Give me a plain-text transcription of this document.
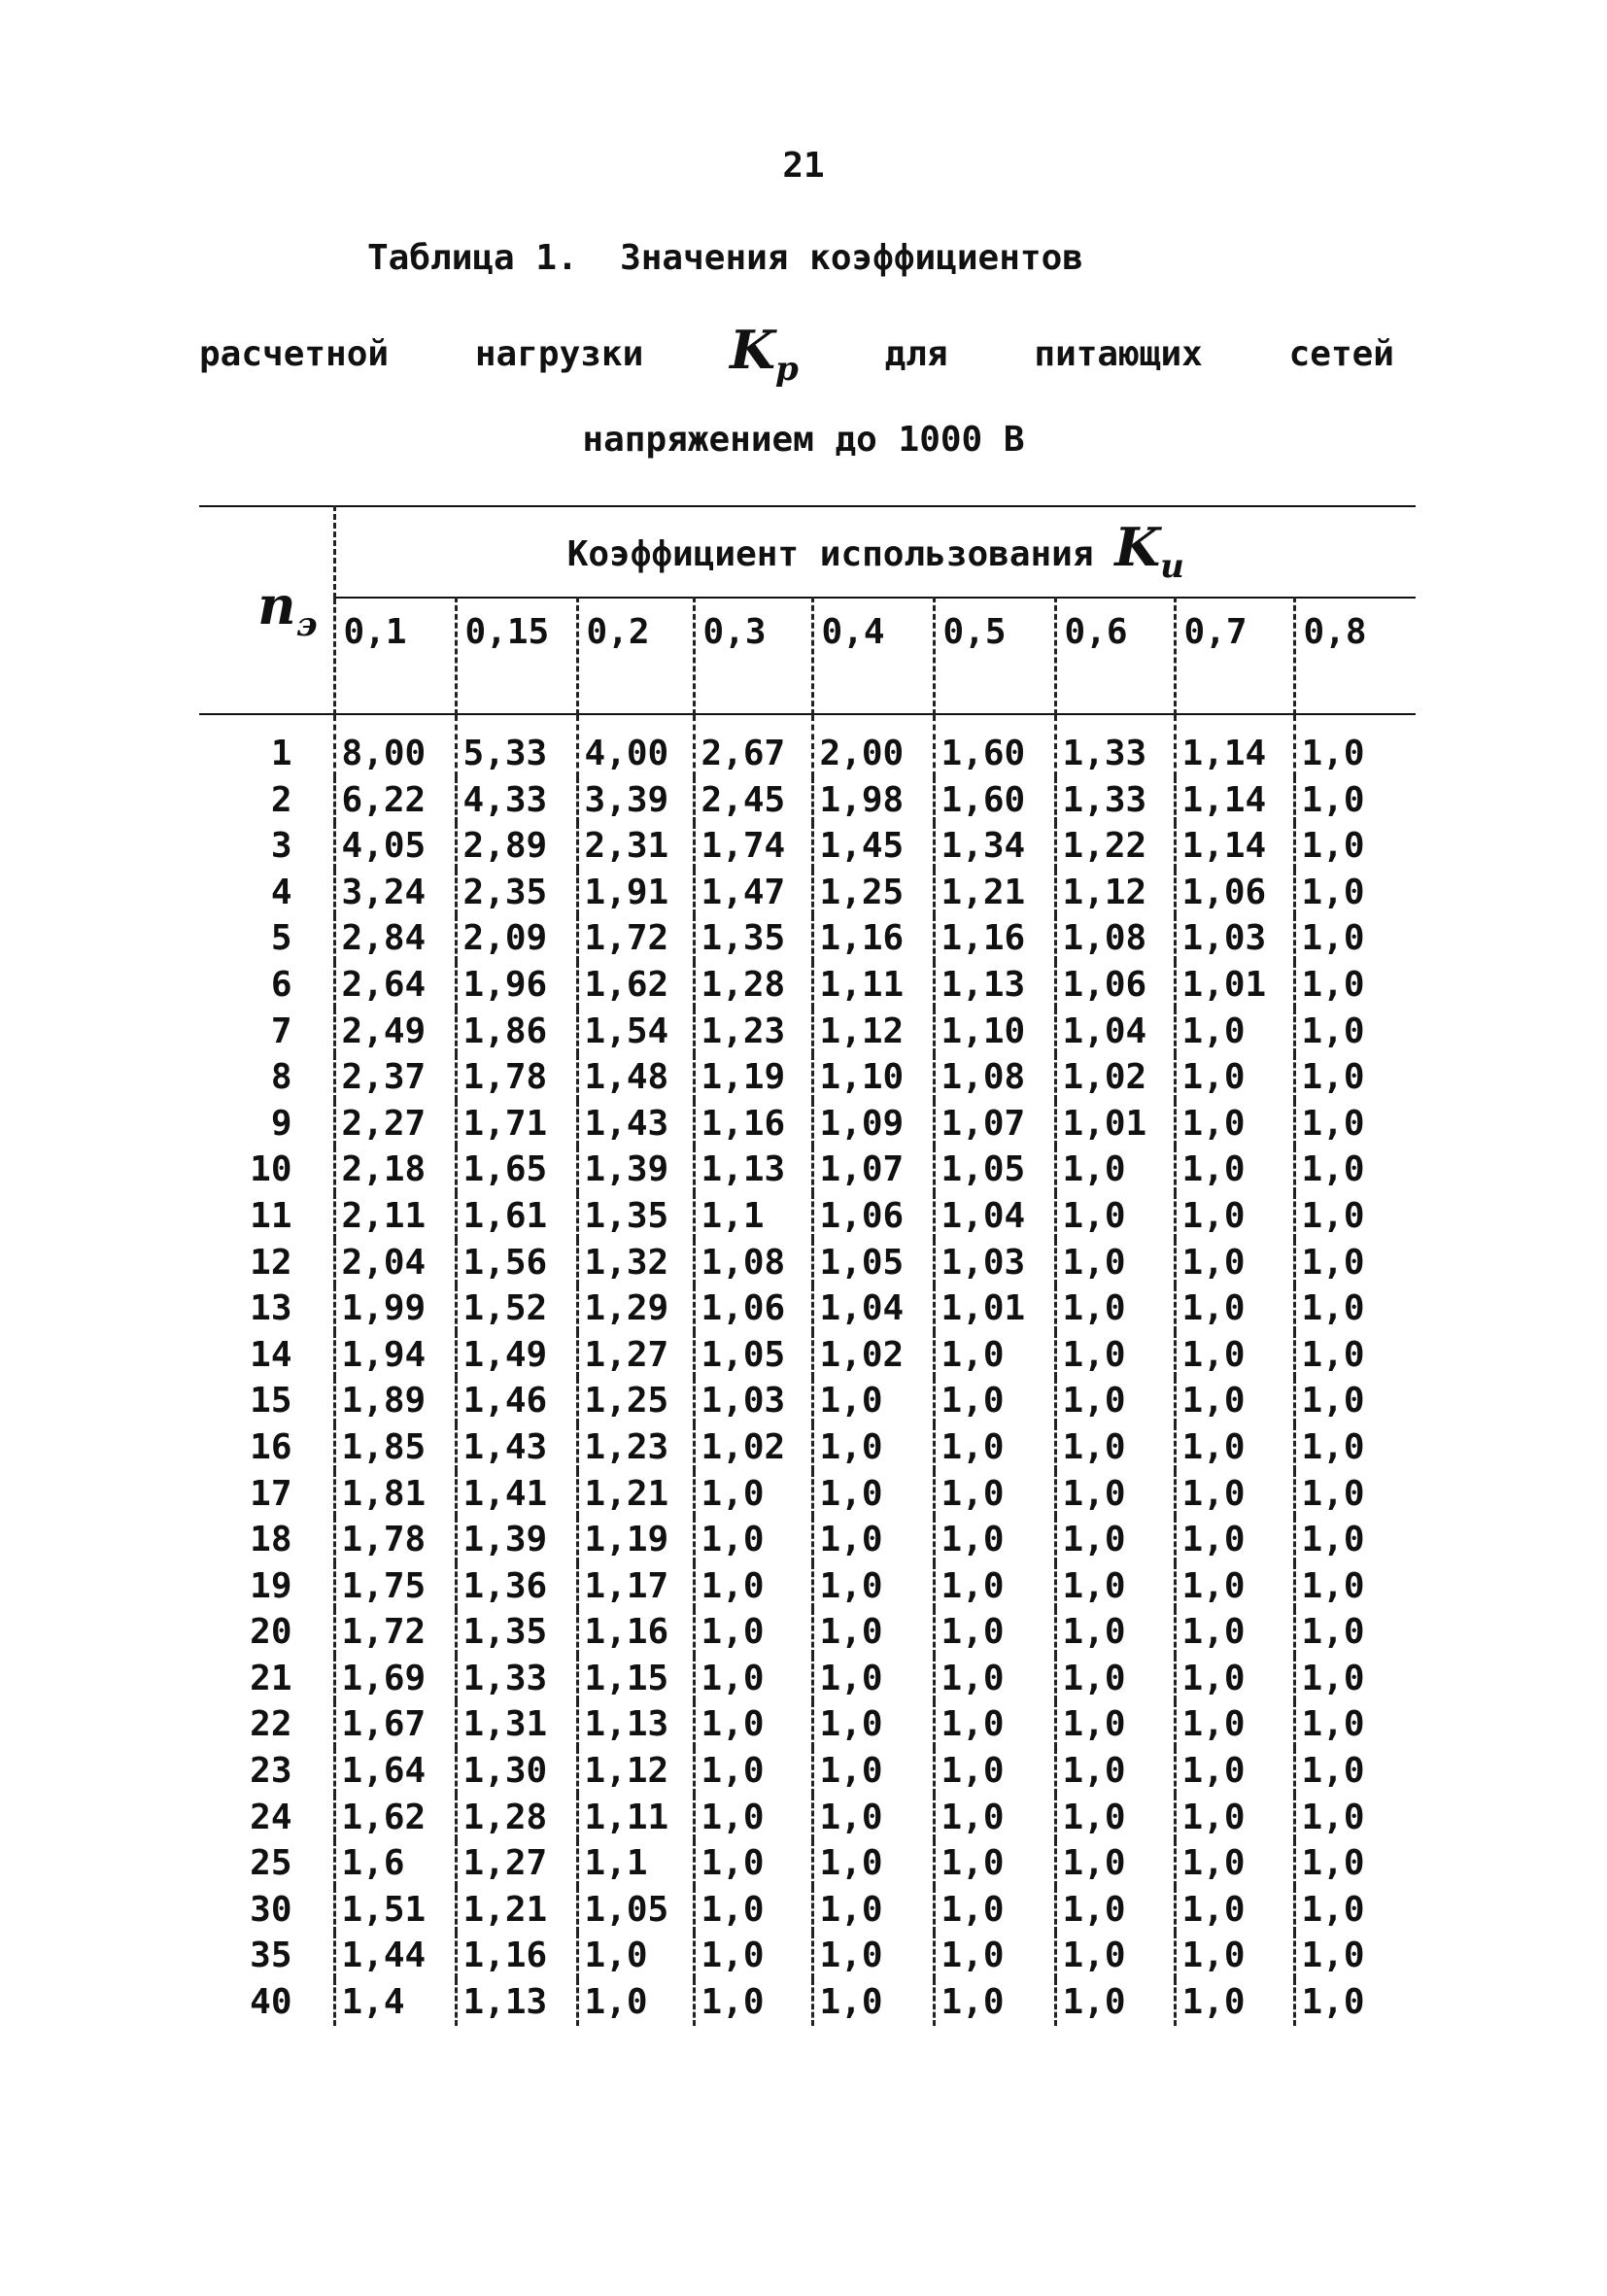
21
Таблица 1.  Значения коэффициентов
расчетной нагрузки $K_р$ для питающих сетей
напряжением до 1000 В
$n_э$	Коэффициент использования $K_и$
	0,1	0,15	0,2	0,3	0,4	0,5	0,6	0,7	0,8
1	8,00	5,33	4,00	2,67	2,00	1,60	1,33	1,14	1,0
2	6,22	4,33	3,39	2,45	1,98	1,60	1,33	1,14	1,0
3	4,05	2,89	2,31	1,74	1,45	1,34	1,22	1,14	1,0
4	3,24	2,35	1,91	1,47	1,25	1,21	1,12	1,06	1,0
5	2,84	2,09	1,72	1,35	1,16	1,16	1,08	1,03	1,0
6	2,64	1,96	1,62	1,28	1,11	1,13	1,06	1,01	1,0
7	2,49	1,86	1,54	1,23	1,12	1,10	1,04	1,0	1,0
8	2,37	1,78	1,48	1,19	1,10	1,08	1,02	1,0	1,0
9	2,27	1,71	1,43	1,16	1,09	1,07	1,01	1,0	1,0
10	2,18	1,65	1,39	1,13	1,07	1,05	1,0	1,0	1,0
11	2,11	1,61	1,35	1,1	1,06	1,04	1,0	1,0	1,0
12	2,04	1,56	1,32	1,08	1,05	1,03	1,0	1,0	1,0
13	1,99	1,52	1,29	1,06	1,04	1,01	1,0	1,0	1,0
14	1,94	1,49	1,27	1,05	1,02	1,0	1,0	1,0	1,0
15	1,89	1,46	1,25	1,03	1,0	1,0	1,0	1,0	1,0
16	1,85	1,43	1,23	1,02	1,0	1,0	1,0	1,0	1,0
17	1,81	1,41	1,21	1,0	1,0	1,0	1,0	1,0	1,0
18	1,78	1,39	1,19	1,0	1,0	1,0	1,0	1,0	1,0
19	1,75	1,36	1,17	1,0	1,0	1,0	1,0	1,0	1,0
20	1,72	1,35	1,16	1,0	1,0	1,0	1,0	1,0	1,0
21	1,69	1,33	1,15	1,0	1,0	1,0	1,0	1,0	1,0
22	1,67	1,31	1,13	1,0	1,0	1,0	1,0	1,0	1,0
23	1,64	1,30	1,12	1,0	1,0	1,0	1,0	1,0	1,0
24	1,62	1,28	1,11	1,0	1,0	1,0	1,0	1,0	1,0
25	1,6	1,27	1,1	1,0	1,0	1,0	1,0	1,0	1,0
30	1,51	1,21	1,05	1,0	1,0	1,0	1,0	1,0	1,0
35	1,44	1,16	1,0	1,0	1,0	1,0	1,0	1,0	1,0
40	1,4	1,13	1,0	1,0	1,0	1,0	1,0	1,0	1,0
